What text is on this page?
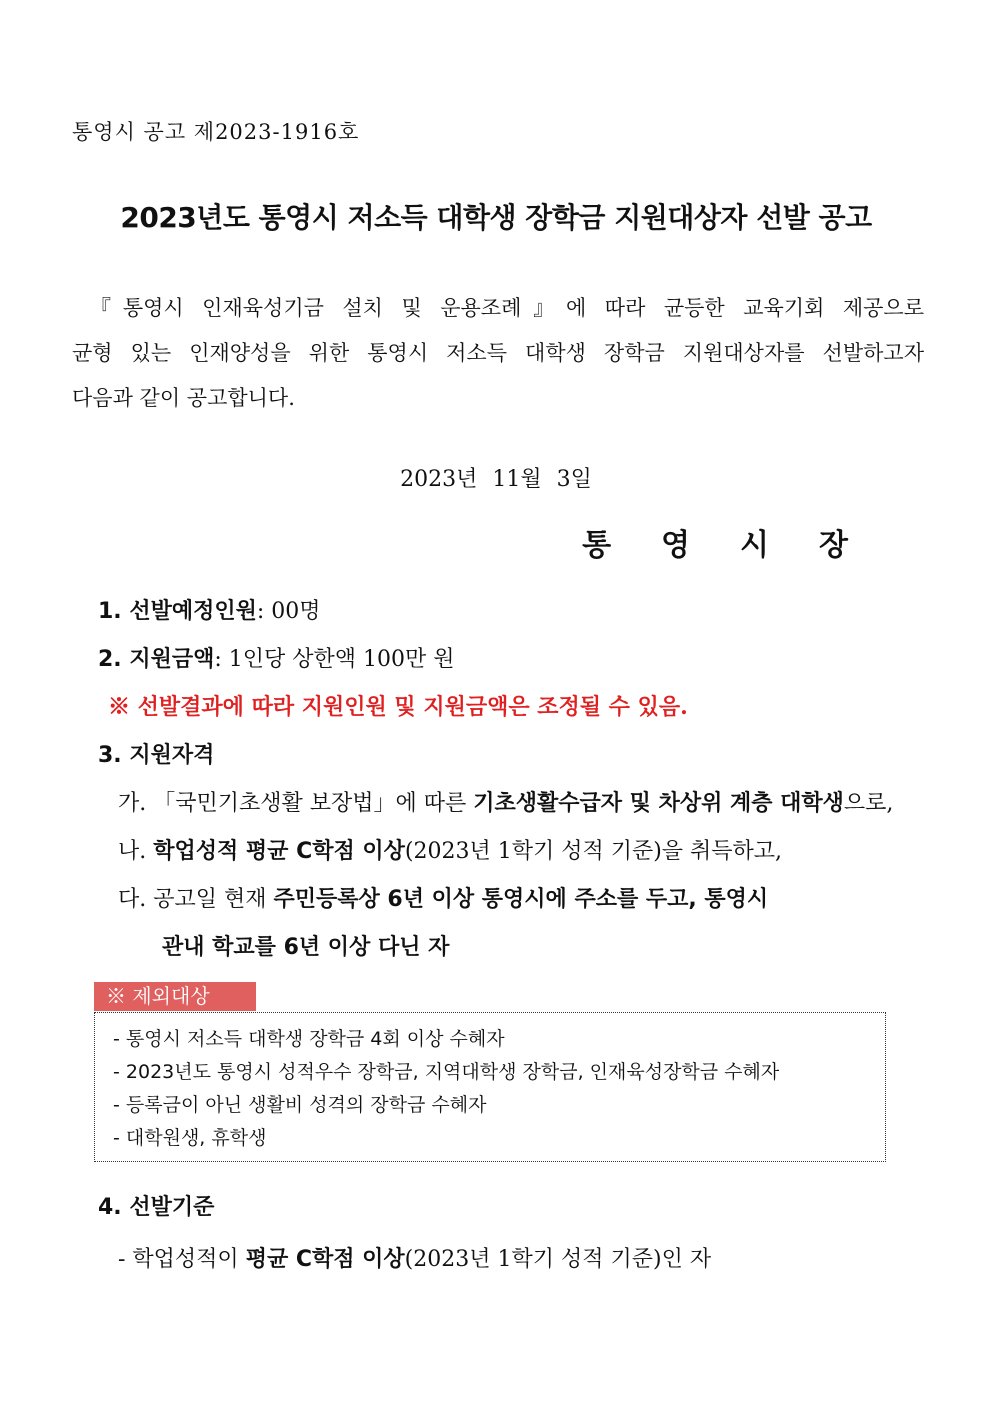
통영시 공고 제2023-1916호
2023년도 통영시 저소득 대학생 장학금 지원대상자 선발 공고
『통영시 인재육성기금 설치 및 운용조례』에 따라 균등한 교육기회 제공으로
균형 있는 인재양성을 위한 통영시 저소득 대학생 장학금 지원대상자를 선발하고자
다음과 같이 공고합니다.
2023년 11월 3일
통영시장
1. 선발예정인원: 00명
2. 지원금액: 1인당 상한액 100만 원
※ 선발결과에 따라 지원인원 및 지원금액은 조정될 수 있음.
3. 지원자격
가. 「국민기초생활 보장법」에 따른 기초생활수급자 및 차상위 계층 대학생으로,
나. 학업성적 평균 C학점 이상(2023년 1학기 성적 기준)을 취득하고,
다. 공고일 현재 주민등록상 6년 이상 통영시에 주소를 두고, 통영시
관내 학교를 6년 이상 다닌 자
※ 제외대상
- 통영시 저소득 대학생 장학금 4회 이상 수혜자
- 2023년도 통영시 성적우수 장학금, 지역대학생 장학금, 인재육성장학금 수혜자
- 등록금이 아닌 생활비 성격의 장학금 수혜자
- 대학원생, 휴학생
4. 선발기준
- 학업성적이 평균 C학점 이상(2023년 1학기 성적 기준)인 자
